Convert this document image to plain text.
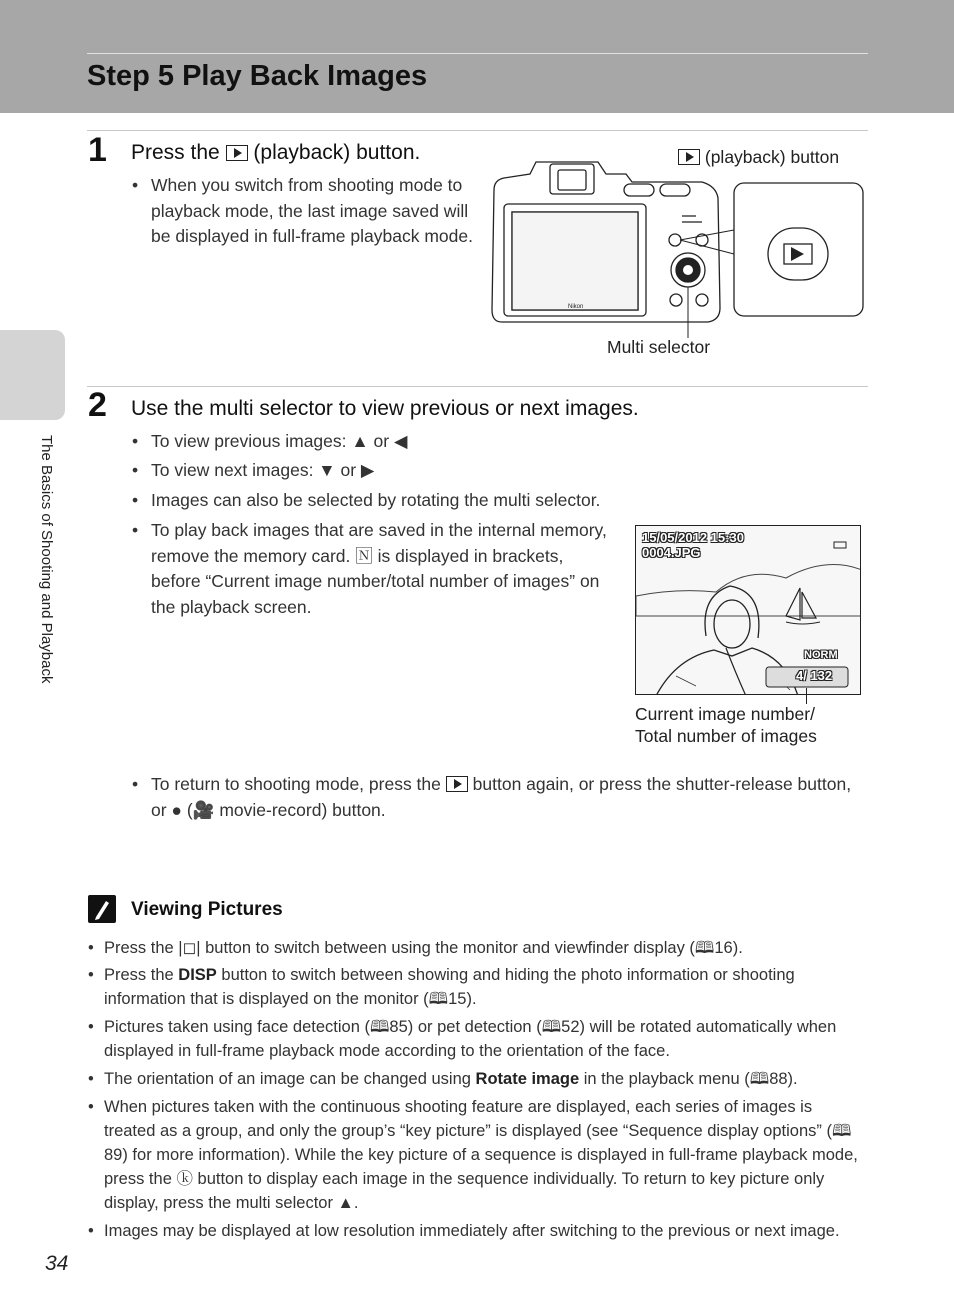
Step 5 Play Back Images
The Basics of Shooting and Playback
1 Press the (playback) button.
• When you switch from shooting mode to playback mode, the last image saved will be displayed in full-frame playback mode.
(playback) button
Nikon
Multi selector
2 Use the multi selector to view previous or next images.
• To view previous images: ▲ or ◀
• To view next images: ▼ or ▶
• Images can also be selected by rotating the multi selector.
• To play back images that are saved in the internal memory, remove the memory card. 🄽 is displayed in brackets, before “Current image number/total number of images” on the playback screen.
15/05/2012 15:30
0004.JPG
NORM
4/ 132
Current image number/
Total number of images
• To return to shooting mode, press the button again, or press the shutter-release button, or ● (🎥 movie-record) button.
Viewing Pictures
• Press the |◻| button to switch between using the monitor and viewfinder display (🕮16).
• Press the DISP button to switch between showing and hiding the photo information or shooting information that is displayed on the monitor (🕮15).
• Pictures taken using face detection (🕮85) or pet detection (🕮52) will be rotated automatically when displayed in full-frame playback mode according to the orientation of the face.
• The orientation of an image can be changed using Rotate image in the playback menu (🕮88).
• When pictures taken with the continuous shooting feature are displayed, each series of images is treated as a group, and only the group’s “key picture” is displayed (see “Sequence display options” (🕮89) for more information). While the key picture of a sequence is displayed in full-frame playback mode, press the ⓚ button to display each image in the sequence individually. To return to key picture only display, press the multi selector ▲.
• Images may be displayed at low resolution immediately after switching to the previous or next image.
34
